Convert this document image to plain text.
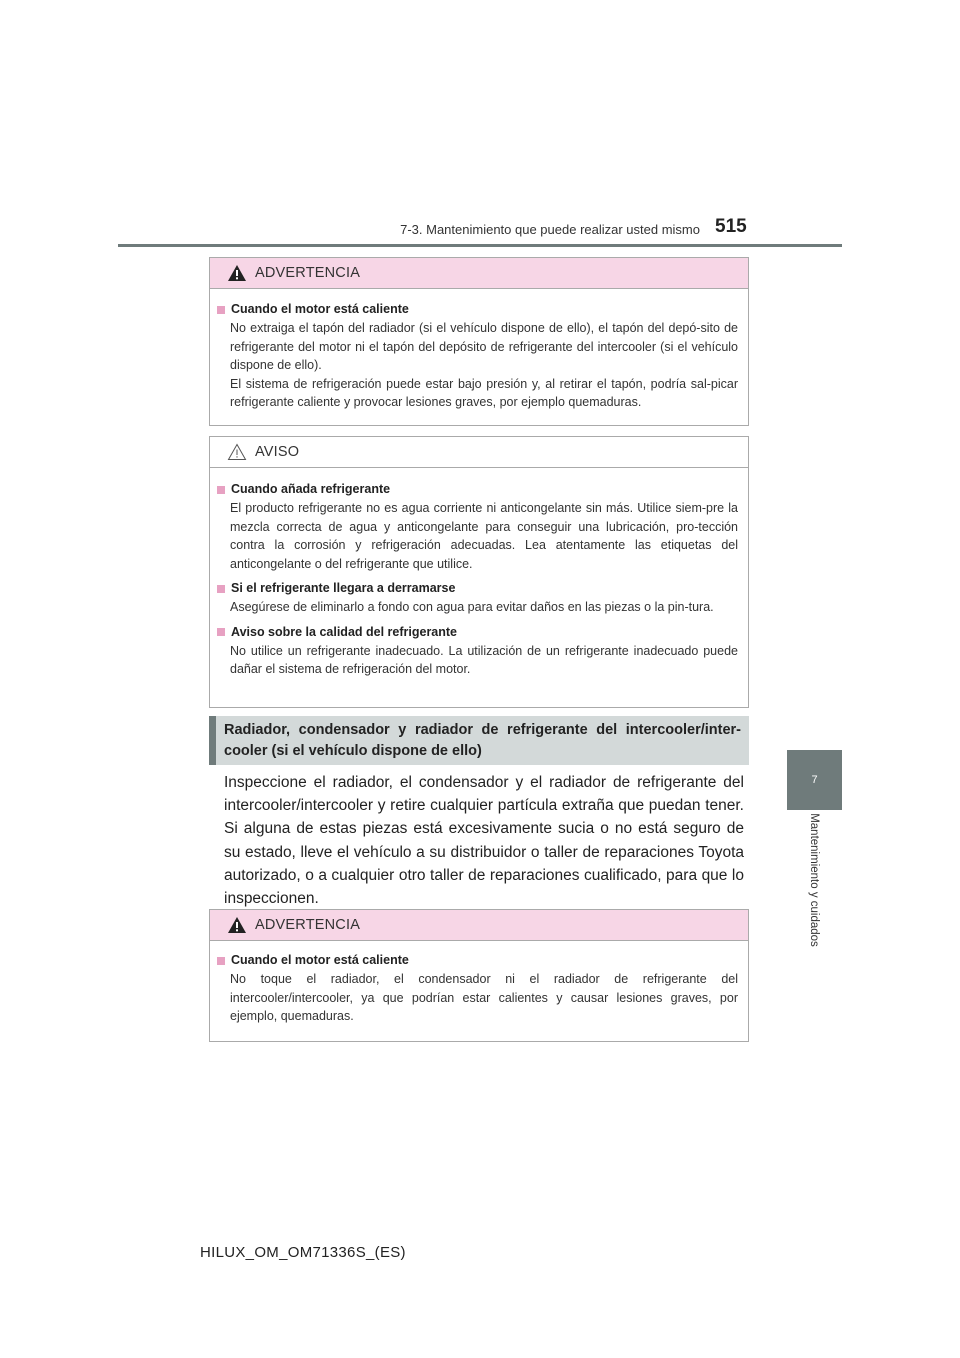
7-3. Mantenimiento que puede realizar usted mismo 515
7
Mantenimiento y cuidados
ADVERTENCIA
Cuando el motor está caliente
No extraiga el tapón del radiador (si el vehículo dispone de ello), el tapón del depó-sito de refrigerante del motor ni el tapón del depósito de refrigerante del intercooler (si el vehículo dispone de ello).
El sistema de refrigeración puede estar bajo presión y, al retirar el tapón, podría sal-picar refrigerante caliente y provocar lesiones graves, por ejemplo quemaduras.
AVISO
Cuando añada refrigerante
El producto refrigerante no es agua corriente ni anticongelante sin más. Utilice siem-pre la mezcla correcta de agua y anticongelante para conseguir una lubricación, pro-tección contra la corrosión y refrigeración adecuadas. Lea atentamente las etiquetas del anticongelante o del refrigerante que utilice.
Si el refrigerante llegara a derramarse
Asegúrese de eliminarlo a fondo con agua para evitar daños en las piezas o la pin-tura.
Aviso sobre la calidad del refrigerante
No utilice un refrigerante inadecuado. La utilización de un refrigerante inadecuado puede dañar el sistema de refrigeración del motor.
Radiador, condensador y radiador de refrigerante del intercooler/inter-cooler (si el vehículo dispone de ello)
Inspeccione el radiador, el condensador y el radiador de refrigerante del intercooler/intercooler y retire cualquier partícula extraña que puedan tener. Si alguna de estas piezas está excesivamente sucia o no está seguro de su estado, lleve el vehículo a su distribuidor o taller de reparaciones Toyota autorizado, o a cualquier otro taller de reparaciones cualificado, para que lo inspeccionen.
ADVERTENCIA
Cuando el motor está caliente
No toque el radiador, el condensador ni el radiador de refrigerante del intercooler/intercooler, ya que podrían estar calientes y causar lesiones graves, por ejemplo, quemaduras.
HILUX_OM_OM71336S_(ES)
